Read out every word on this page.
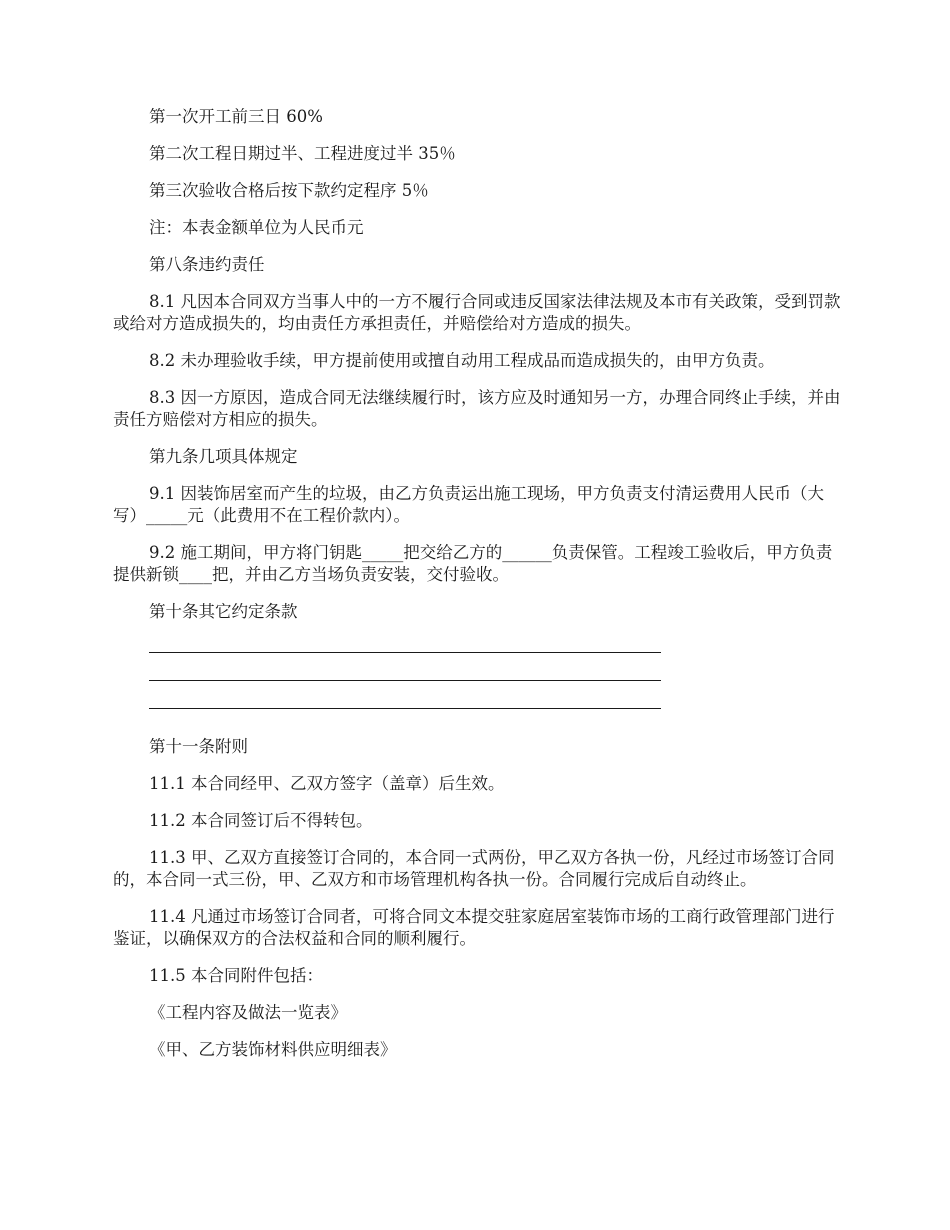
第一次开工前三日 60%

第二次工程日期过半、工程进度过半 35％

第三次验收合格后按下款约定程序 5％

注：本表金额单位为人民币元

第八条违约责任

8.1 凡因本合同双方当事人中的一方不履行合同或违反国家法律法规及本市有关政策，受到罚款或给对方造成损失的，均由责任方承担责任，并赔偿给对方造成的损失。

8.2 未办理验收手续，甲方提前使用或擅自动用工程成品而造成损失的，由甲方负责。

8.3 因一方原因，造成合同无法继续履行时，该方应及时通知另一方，办理合同终止手续，并由责任方赔偿对方相应的损失。

第九条几项具体规定

9.1 因装饰居室而产生的垃圾，由乙方负责运出施工现场，甲方负责支付清运费用人民币（大写）_____元（此费用不在工程价款内）。

9.2 施工期间，甲方将门钥匙_____把交给乙方的______负责保管。工程竣工验收后，甲方负责提供新锁____把，并由乙方当场负责安装，交付验收。

第十条其它约定条款

第十一条附则

11.1 本合同经甲、乙双方签字（盖章）后生效。

11.2 本合同签订后不得转包。

11.3 甲、乙双方直接签订合同的，本合同一式两份，甲乙双方各执一份，凡经过市场签订合同的，本合同一式三份，甲、乙双方和市场管理机构各执一份。合同履行完成后自动终止。

11.4 凡通过市场签订合同者，可将合同文本提交驻家庭居室装饰市场的工商行政管理部门进行鉴证，以确保双方的合法权益和合同的顺利履行。

11.5 本合同附件包括：

《工程内容及做法一览表》

《甲、乙方装饰材料供应明细表》
